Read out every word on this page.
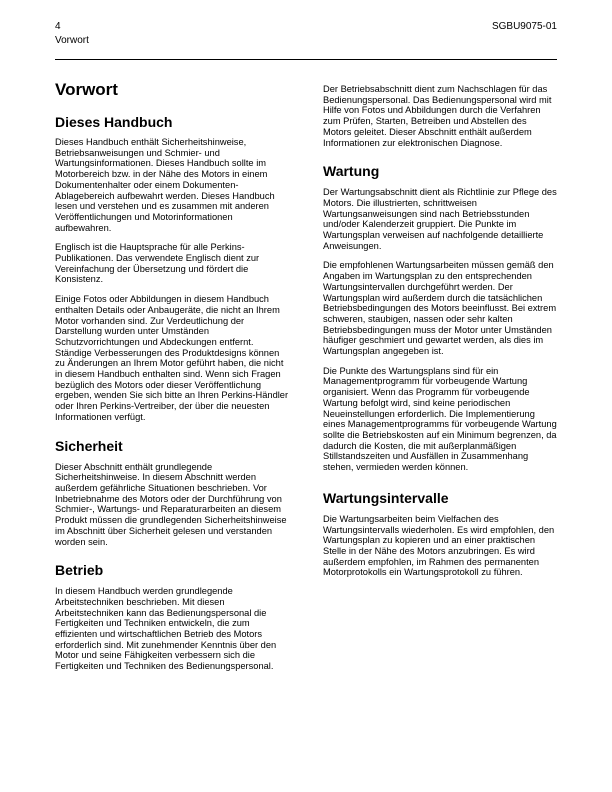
4
Vorwort
SGBU9075-01
Vorwort
Dieses Handbuch

Dieses Handbuch enthält Sicherheitshinweise, Betriebsanweisungen und Schmier- und Wartungsinformationen. Dieses Handbuch sollte im Motorbereich bzw. in der Nähe des Motors in einem Dokumentenhalter oder einem Dokumenten-Ablagebereich aufbewahrt werden. Dieses Handbuch lesen und verstehen und es zusammen mit anderen Veröffentlichungen und Motorinformationen aufbewahren.

Englisch ist die Hauptsprache für alle Perkins-Publikationen. Das verwendete Englisch dient zur Vereinfachung der Übersetzung und fördert die Konsistenz.

Einige Fotos oder Abbildungen in diesem Handbuch enthalten Details oder Anbaugeräte, die nicht an Ihrem Motor vorhanden sind. Zur Verdeutlichung der Darstellung wurden unter Umständen Schutzvorrichtungen und Abdeckungen entfernt. Ständige Verbesserungen des Produktdesigns können zu Änderungen an Ihrem Motor geführt haben, die nicht in diesem Handbuch enthalten sind. Wenn sich Fragen bezüglich des Motors oder dieser Veröffentlichung ergeben, wenden Sie sich bitte an Ihren Perkins-Händler oder Ihren Perkins-Vertreiber, der über die neuesten Informationen verfügt.

Sicherheit

Dieser Abschnitt enthält grundlegende Sicherheitshinweise. In diesem Abschnitt werden außerdem gefährliche Situationen beschrieben. Vor Inbetriebnahme des Motors oder der Durchführung von Schmier-, Wartungs- und Reparaturarbeiten an diesem Produkt müssen die grundlegenden Sicherheitshinweise im Abschnitt über Sicherheit gelesen und verstanden worden sein.

Betrieb

In diesem Handbuch werden grundlegende Arbeitstechniken beschrieben. Mit diesen Arbeitstechniken kann das Bedienungspersonal die Fertigkeiten und Techniken entwickeln, die zum effizienten und wirtschaftlichen Betrieb des Motors erforderlich sind. Mit zunehmender Kenntnis über den Motor und seine Fähigkeiten verbessern sich die Fertigkeiten und Techniken des Bedienungspersonal.

Der Betriebsabschnitt dient zum Nachschlagen für das Bedienungspersonal. Das Bedienungspersonal wird mit Hilfe von Fotos und Abbildungen durch die Verfahren zum Prüfen, Starten, Betreiben und Abstellen des Motors geleitet. Dieser Abschnitt enthält außerdem Informationen zur elektronischen Diagnose.

Wartung

Der Wartungsabschnitt dient als Richtlinie zur Pflege des Motors. Die illustrierten, schrittweisen Wartungsanweisungen sind nach Betriebsstunden und/oder Kalenderzeit gruppiert. Die Punkte im Wartungsplan verweisen auf nachfolgende detaillierte Anweisungen.

Die empfohlenen Wartungsarbeiten müssen gemäß den Angaben im Wartungsplan zu den entsprechenden Wartungsintervallen durchgeführt werden. Der Wartungsplan wird außerdem durch die tatsächlichen Betriebsbedingungen des Motors beeinflusst. Bei extrem schweren, staubigen, nassen oder sehr kalten Betriebsbedingungen muss der Motor unter Umständen häufiger geschmiert und gewartet werden, als dies im Wartungsplan angegeben ist.

Die Punkte des Wartungsplans sind für ein Managementprogramm für vorbeugende Wartung organisiert. Wenn das Programm für vorbeugende Wartung befolgt wird, sind keine periodischen Neueinstellungen erforderlich. Die Implementierung eines Managementprogramms für vorbeugende Wartung sollte die Betriebskosten auf ein Minimum begrenzen, da dadurch die Kosten, die mit außerplanmäßigen Stillstandszeiten und Ausfällen in Zusammenhang stehen, vermieden werden können.

Wartungsintervalle

Die Wartungsarbeiten beim Vielfachen des Wartungsintervalls wiederholen. Es wird empfohlen, den Wartungsplan zu kopieren und an einer praktischen Stelle in der Nähe des Motors anzubringen. Es wird außerdem empfohlen, im Rahmen des permanenten Motorprotokolls ein Wartungsprotokoll zu führen.
